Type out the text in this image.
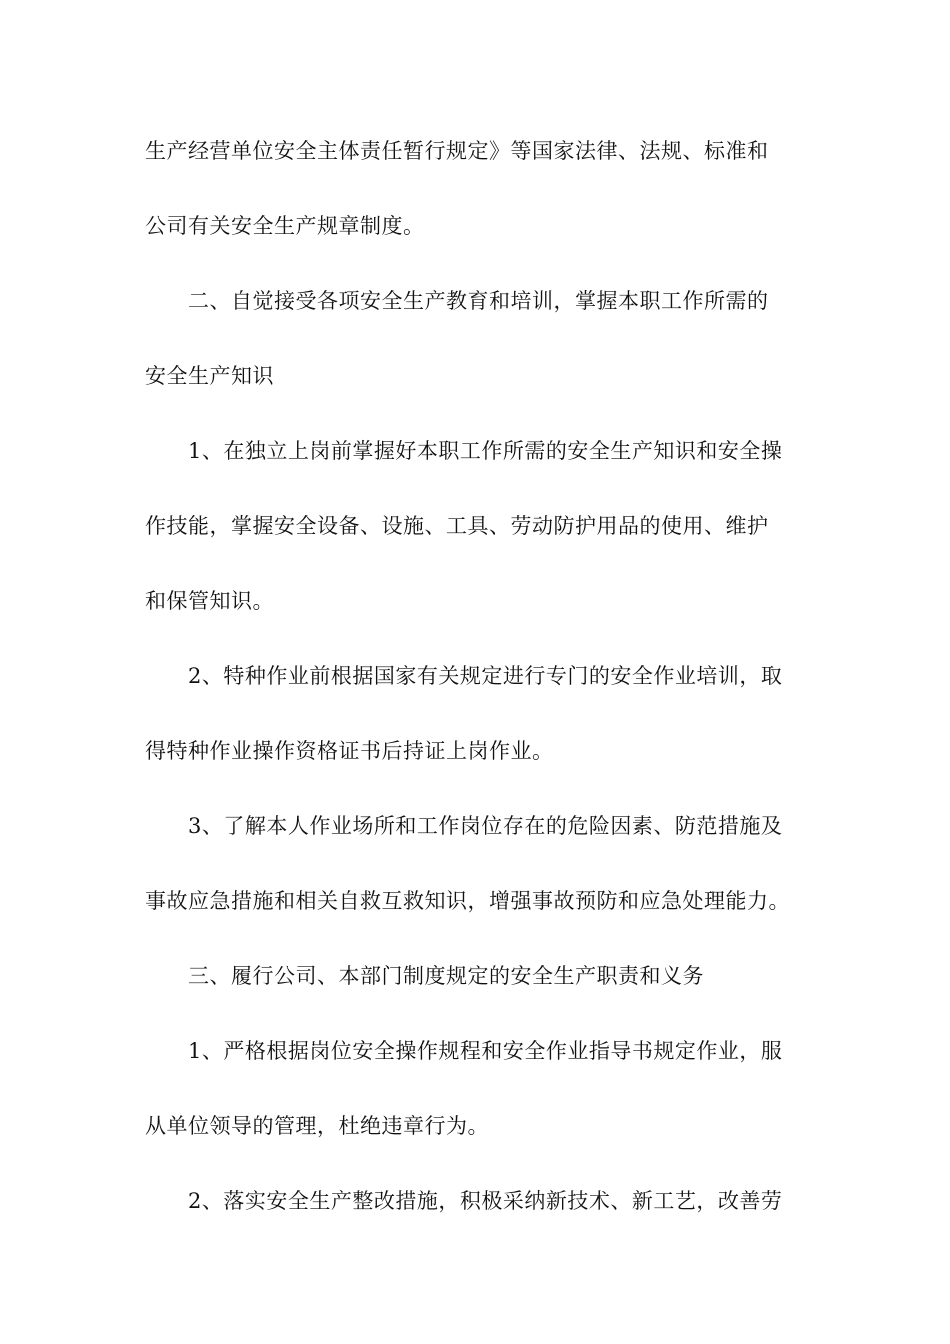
生产经营单位安全主体责任暂行规定》等国家法律、法规、标准和
公司有关安全生产规章制度。
二、自觉接受各项安全生产教育和培训，掌握本职工作所需的
安全生产知识
1、在独立上岗前掌握好本职工作所需的安全生产知识和安全操
作技能，掌握安全设备、设施、工具、劳动防护用品的使用、维护
和保管知识。
2、特种作业前根据国家有关规定进行专门的安全作业培训，取
得特种作业操作资格证书后持证上岗作业。
3、了解本人作业场所和工作岗位存在的危险因素、防范措施及
事故应急措施和相关自救互救知识，增强事故预防和应急处理能力。
三、履行公司、本部门制度规定的安全生产职责和义务
1、严格根据岗位安全操作规程和安全作业指导书规定作业，服
从单位领导的管理，杜绝违章行为。
2、落实安全生产整改措施，积极采纳新技术、新工艺，改善劳
